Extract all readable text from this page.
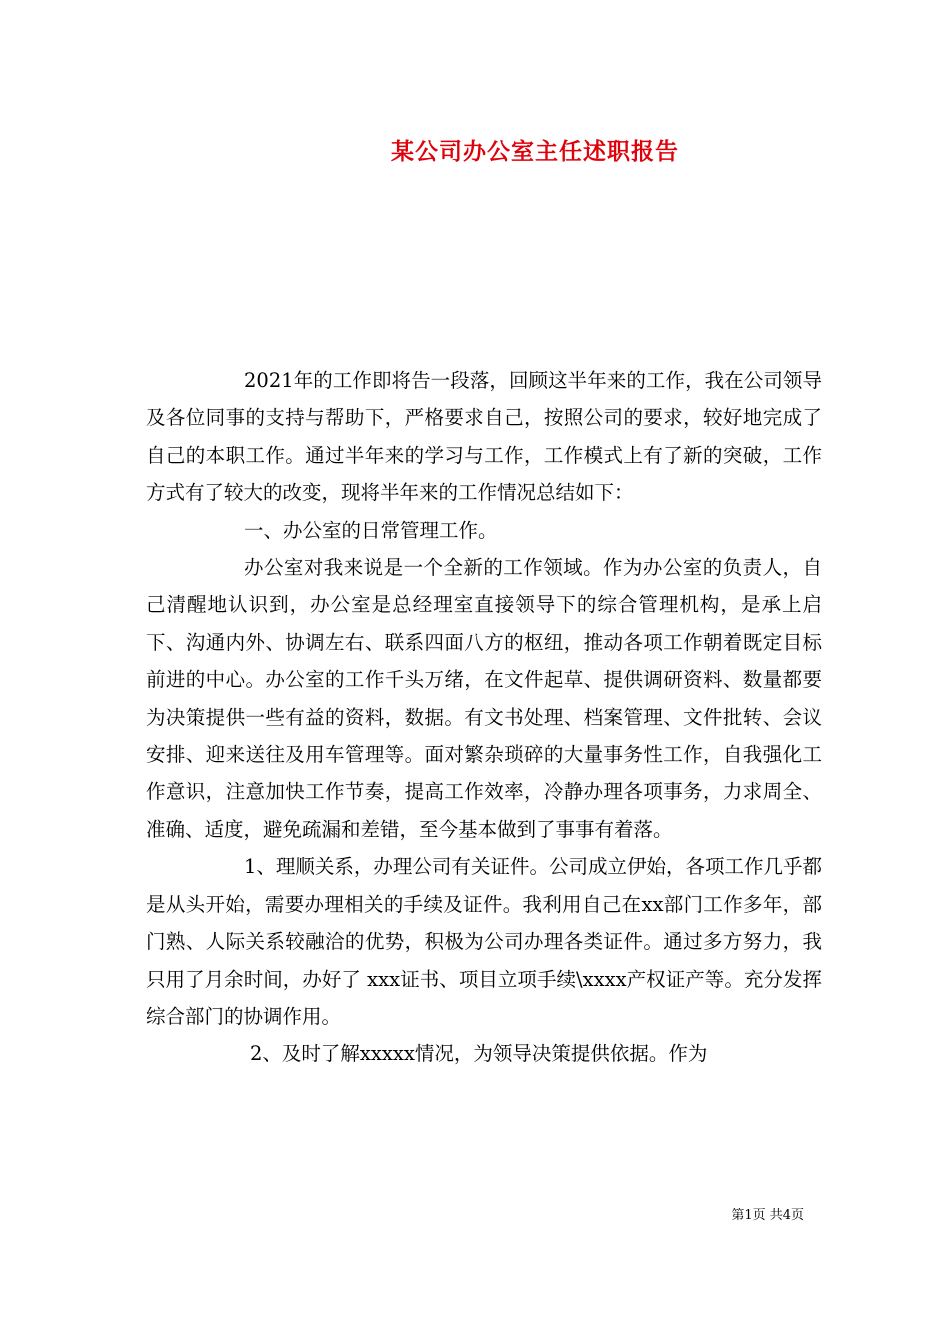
某公司办公室主任述职报告

2021年的工作即将告一段落，回顾这半年来的工作，我在公司领导及各位同事的支持与帮助下，严格要求自己，按照公司的要求，较好地完成了自己的本职工作。通过半年来的学习与工作，工作模式上有了新的突破，工作方式有了较大的改变，现将半年来的工作情况总结如下：

一、办公室的日常管理工作。

办公室对我来说是一个全新的工作领域。作为办公室的负责人，自己清醒地认识到，办公室是总经理室直接领导下的综合管理机构，是承上启下、沟通内外、协调左右、联系四面八方的枢纽，推动各项工作朝着既定目标前进的中心。办公室的工作千头万绪，在文件起草、提供调研资料、数量都要为决策提供一些有益的资料，数据。有文书处理、档案管理、文件批转、会议安排、迎来送往及用车管理等。面对繁杂琐碎的大量事务性工作，自我强化工作意识，注意加快工作节奏，提高工作效率，冷静办理各项事务，力求周全、准确、适度，避免疏漏和差错，至今基本做到了事事有着落。

1、理顺关系，办理公司有关证件。公司成立伊始，各项工作几乎都是从头开始，需要办理相关的手续及证件。我利用自己在xx部门工作多年，部门熟、人际关系较融洽的优势，积极为公司办理各类证件。通过多方努力，我只用了月余时间，办好了 xxx证书、项目立项手续\xxxx产权证产等。充分发挥综合部门的协调作用。

2、及时了解xxxxx情况，为领导决策提供依据。作为

第1页 共4页
